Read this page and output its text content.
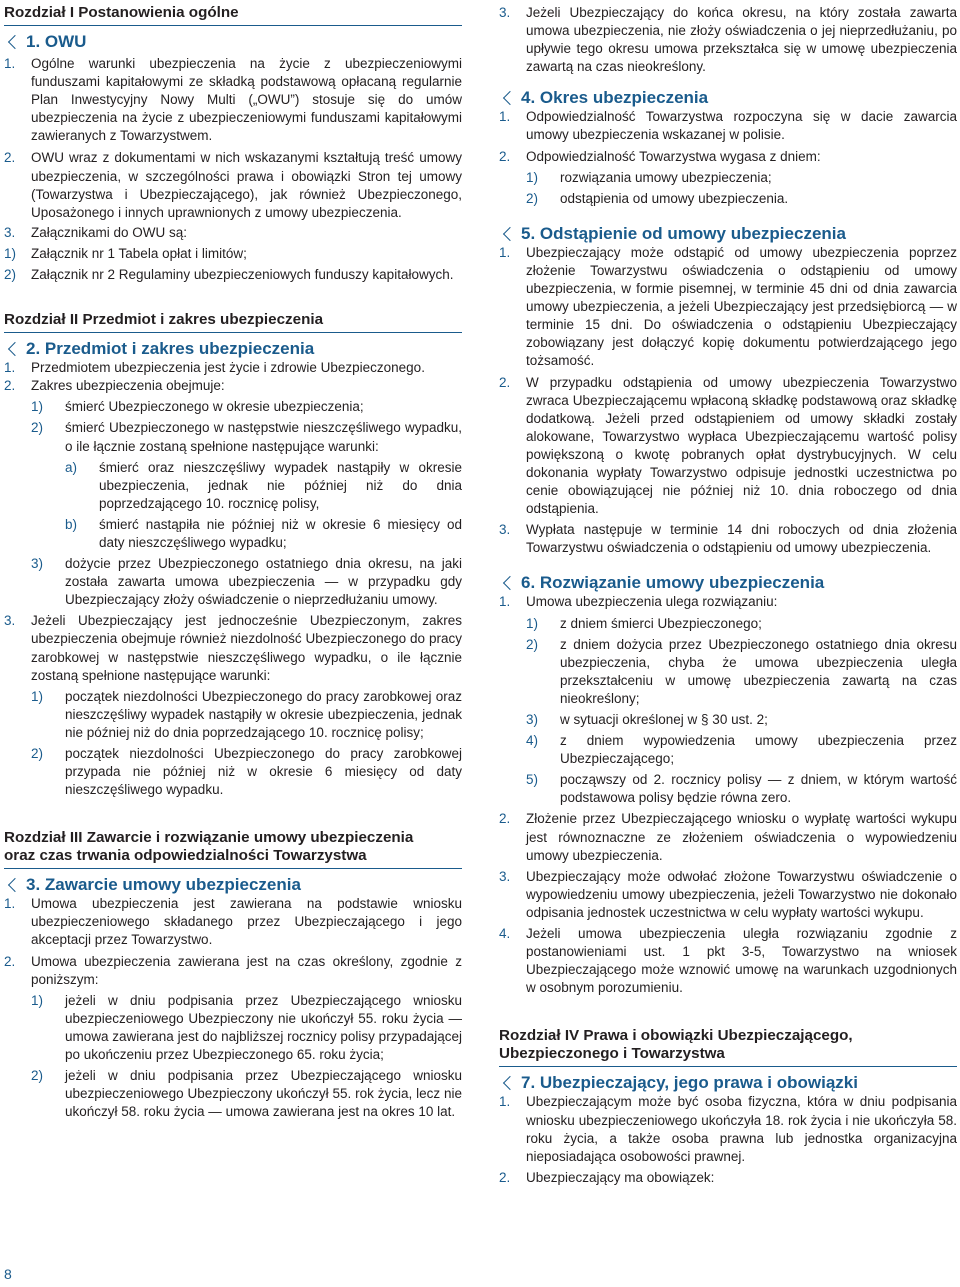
Rozdział I Postanowienia ogólne
1. OWU
1.	Ogólne warunki ubezpieczenia na życie z ubezpieczeniowymi funduszami kapitałowymi ze składką podstawową opłacaną regularnie Plan Inwestycyjny Nowy Multi („OWU”) stosuje się do umów ubezpieczenia na życie z ubezpieczeniowymi funduszami kapitałowymi zawieranych z Towarzystwem.
2.	OWU wraz z dokumentami w nich wskazanymi kształtują treść umowy ubezpieczenia, w szczególności prawa i obowiązki Stron tej umowy (Towarzystwa i Ubezpieczającego), jak również Ubezpieczonego, Uposażonego i innych uprawnionych z umowy ubezpieczenia.
3.	Załącznikami do OWU są:
1)	Załącznik nr 1 Tabela opłat i limitów;
2)	Załącznik nr 2 Regulaminy ubezpieczeniowych funduszy kapitałowych.
Rozdział II Przedmiot i zakres ubezpieczenia
2. Przedmiot i zakres ubezpieczenia
1.	Przedmiotem ubezpieczenia jest życie i zdrowie Ubezpieczonego.
2.	Zakres ubezpieczenia obejmuje:
1)	śmierć Ubezpieczonego w okresie ubezpieczenia;
2)	śmierć Ubezpieczonego w następstwie nieszczęśliwego wypadku, o ile łącznie zostaną spełnione następujące warunki:
a)	śmierć oraz nieszczęśliwy wypadek nastąpiły w okresie ubezpieczenia, jednak nie później niż do dnia poprzedzającego 10. rocznicę polisy,
b)	śmierć nastąpiła nie później niż w okresie 6 miesięcy od daty nieszczęśliwego wypadku;
3)	dożycie przez Ubezpieczonego ostatniego dnia okresu, na jaki została zawarta umowa ubezpieczenia — w przypadku gdy Ubezpieczający złoży oświadczenie o nieprzedłużaniu umowy.
3.	Jeżeli Ubezpieczający jest jednocześnie Ubezpieczonym, zakres ubezpieczenia obejmuje również niezdolność Ubezpieczonego do pracy zarobkowej w następstwie nieszczęśliwego wypadku, o ile łącznie zostaną spełnione następujące warunki:
1)	początek niezdolności Ubezpieczonego do pracy zarobkowej oraz nieszczęśliwy wypadek nastąpiły w okresie ubezpieczenia, jednak nie później niż do dnia poprzedzającego 10. rocznicę polisy;
2)	początek niezdolności Ubezpieczonego do pracy zarobkowej przypada nie później niż w okresie 6 miesięcy od daty nieszczęśliwego wypadku.
Rozdział III Zawarcie i rozwiązanie umowy ubezpieczenia
oraz czas trwania odpowiedzialności Towarzystwa
3. Zawarcie umowy ubezpieczenia
1.	Umowa ubezpieczenia jest zawierana na podstawie wniosku ubezpieczeniowego składanego przez Ubezpieczającego i jego akceptacji przez Towarzystwo.
2.	Umowa ubezpieczenia zawierana jest na czas określony, zgodnie z poniższym:
1)	jeżeli w dniu podpisania przez Ubezpieczającego wniosku ubezpieczeniowego Ubezpieczony nie ukończył 55. roku życia — umowa zawierana jest do najbliższej rocznicy polisy przypadającej po ukończeniu przez Ubezpieczonego 65. roku życia;
2)	jeżeli w dniu podpisania przez Ubezpieczającego wniosku ubezpieczeniowego Ubezpieczony ukończył 55. rok życia, lecz nie ukończył 58. roku życia — umowa zawierana jest na okres 10 lat.
3.	Jeżeli Ubezpieczający do końca okresu, na który została zawarta umowa ubezpieczenia, nie złoży oświadczenia o jej nieprzedłużaniu, po upływie tego okresu umowa przekształca się w umowę ubezpieczenia zawartą na czas nieokreślony.
4. Okres ubezpieczenia
1.	Odpowiedzialność Towarzystwa rozpoczyna się w dacie zawarcia umowy ubezpieczenia wskazanej w polisie.
2.	Odpowiedzialność Towarzystwa wygasa z dniem:
1)	rozwiązania umowy ubezpieczenia;
2)	odstąpienia od umowy ubezpieczenia.
5. Odstąpienie od umowy ubezpieczenia
1.	Ubezpieczający może odstąpić od umowy ubezpieczenia poprzez złożenie Towarzystwu oświadczenia o odstąpieniu od umowy ubezpieczenia, w formie pisemnej, w terminie 45 dni od dnia zawarcia umowy ubezpieczenia, a jeżeli Ubezpieczający jest przedsiębiorcą — w terminie 15 dni. Do oświadczenia o odstąpieniu Ubezpieczający zobowiązany jest dołączyć kopię dokumentu potwierdzającego jego tożsamość.
2.	W przypadku odstąpienia od umowy ubezpieczenia Towarzystwo zwraca Ubezpieczającemu wpłaconą składkę podstawową oraz składkę dodatkową. Jeżeli przed odstąpieniem od umowy składki zostały alokowane, Towarzystwo wypłaca Ubezpieczającemu wartość polisy powiększoną o kwotę pobranych opłat dystrybucyjnych. W celu dokonania wypłaty Towarzystwo odpisuje jednostki uczestnictwa po cenie obowiązującej nie później niż 10. dnia roboczego od dnia odstąpienia.
3.	Wypłata następuje w terminie 14 dni roboczych od dnia złożenia Towarzystwu oświadczenia o odstąpieniu od umowy ubezpieczenia.
6. Rozwiązanie umowy ubezpieczenia
1.	Umowa ubezpieczenia ulega rozwiązaniu:
1)	z dniem śmierci Ubezpieczonego;
2)	z dniem dożycia przez Ubezpieczonego ostatniego dnia okresu ubezpieczenia, chyba że umowa ubezpieczenia uległa przekształceniu w umowę ubezpieczenia zawartą na czas nieokreślony;
3)	w sytuacji określonej w § 30 ust. 2;
4)	z dniem wypowiedzenia umowy ubezpieczenia przez Ubezpieczającego;
5)	począwszy od 2. rocznicy polisy — z dniem, w którym wartość podstawowa polisy będzie równa zero.
2.	Złożenie przez Ubezpieczającego wniosku o wypłatę wartości wykupu jest równoznaczne ze złożeniem oświadczenia o wypowiedzeniu umowy ubezpieczenia.
3.	Ubezpieczający może odwołać złożone Towarzystwu oświadczenie o wypowiedzeniu umowy ubezpieczenia, jeżeli Towarzystwo nie dokonało odpisania jednostek uczestnictwa w celu wypłaty wartości wykupu.
4.	Jeżeli umowa ubezpieczenia uległa rozwiązaniu zgodnie z postanowieniami ust. 1 pkt 3-5, Towarzystwo na wniosek Ubezpieczającego może wznowić umowę na warunkach uzgodnionych w osobnym porozumieniu.
Rozdział IV Prawa i obowiązki Ubezpieczającego,
Ubezpieczonego i Towarzystwa
7. Ubezpieczający, jego prawa i obowiązki
1.	Ubezpieczającym może być osoba fizyczna, która w dniu podpisania wniosku ubezpieczeniowego ukończyła 18. rok życia i nie ukończyła 58. roku życia, a także osoba prawna lub jednostka organizacyjna nieposiadająca osobowości prawnej.
2.	Ubezpieczający ma obowiązek:
8
